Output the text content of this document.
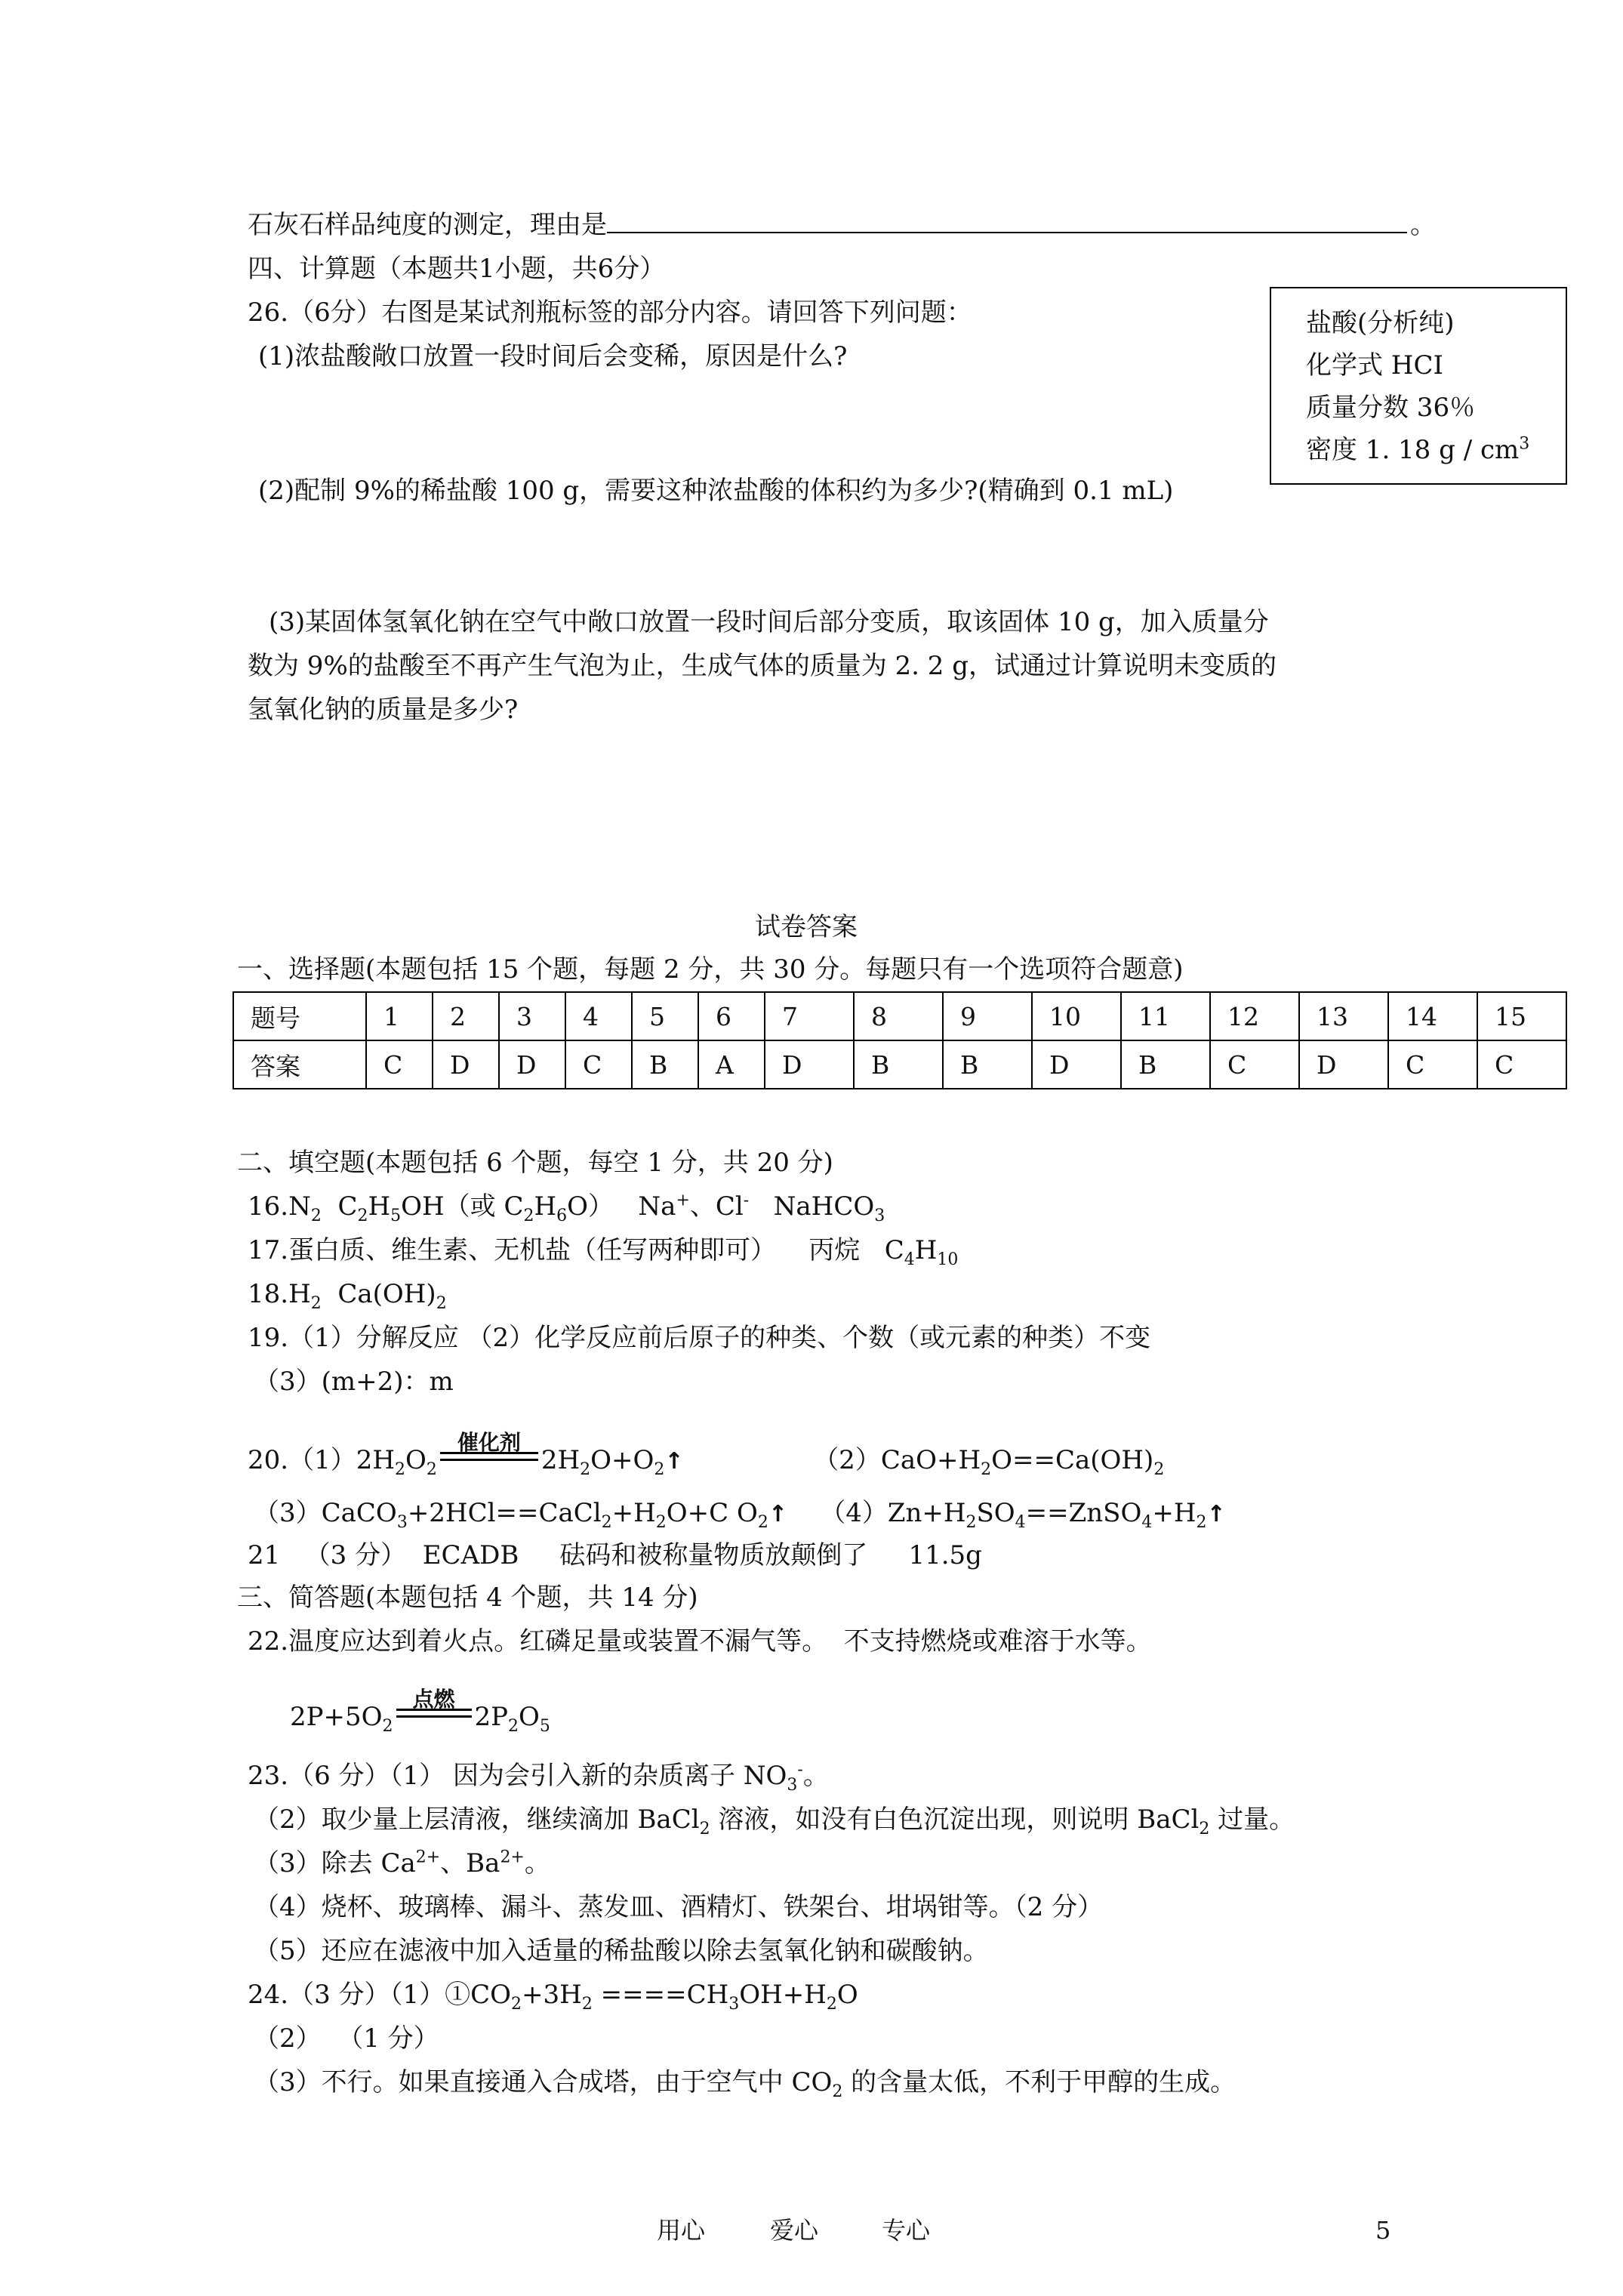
石灰石样品纯度的测定，理由是	。
四、计算题（本题共1小题，共6分）
26.（6分）右图是某试剂瓶标签的部分内容。请回答下列问题：
(1)浓盐酸敞口放置一段时间后会变稀，原因是什么?
(2)配制 9%的稀盐酸 100 g，需要这种浓盐酸的体积约为多少?(精确到 0.1 mL)
(3)某固体氢氧化钠在空气中敞口放置一段时间后部分变质，取该固体 10 g，加入质量分
数为 9%的盐酸至不再产生气泡为止，生成气体的质量为 2. 2 g，试通过计算说明未变质的
氢氧化钠的质量是多少?
盐酸(分析纯)
化学式 HCI
质量分数 36％
密度 1. 18 g / $cm^3$
试卷答案
一、选择题(本题包括 15 个题，每题 2 分，共 30 分。每题只有一个选项符合题意)
题号	1	2	3	4	5	6	7	8	9	10	11	12	13	14	15
答案	C	D	D	C	B	A	D	B	B	D	B	C	D	C	C
二、填空题(本题包括 6 个题，每空 1 分，共 20 分)
$16.N_2$  $C_2H_5OH$（或 $C_2H_6O$）   Na+、Cl-   NaHCO$_3$
17.蛋白质、维生素、无机盐（任写两种即可）    丙烷   $C_4H_{10}$
$18.H_2$  $Ca(OH)_2$
19.（1）分解反应 （2）化学反应前后原子的种类、个数（或元素的种类）不变
（3）(m+2)：m
$20.(1)2H_2O_2$
催化剂
$2H_2O+O_2↑$	$(2)CaO+H_2O==Ca(OH)_2$
$(3)CaCO_3+2HCl==CaCl_2+H_2O+C$ $O_2↑$    $(4)Zn+H_2SO_4==ZnSO_4+H_2↑$
21   （3 分）  ECADB     砝码和被称量物质放颠倒了     11.5g
三、简答题(本题包括 4 个题，共 14 分)
22.温度应达到着火点。红磷足量或装置不漏气等。  不支持燃烧或难溶于水等。
$2P+5O_2$
点燃
$2P_2O_5$
23.（6 分）（1） 因为会引入新的杂质离子 $NO_3^-$。
（2）取少量上层清液，继续滴加 BaCl$_2$ 溶液，如没有白色沉淀出现，则说明 BaCl$_2$ 过量。
（3）除去 $Ca^{2+}$、$Ba^{2+}$。
（4）烧杯、玻璃棒、漏斗、蒸发皿、酒精灯、铁架台、坩埚钳等。（2 分）
（5）还应在滤液中加入适量的稀盐酸以除去氢氧化钠和碳酸钠。
24.（3 分）$(1)①CO_2+3H_2 ====CH_3OH+H_2O$
（2）  （1 分）
（3）不行。如果直接通入合成塔，由于空气中 $CO_2$ 的含量太低，不利于甲醇的生成。
用心	爱心	专心	5
